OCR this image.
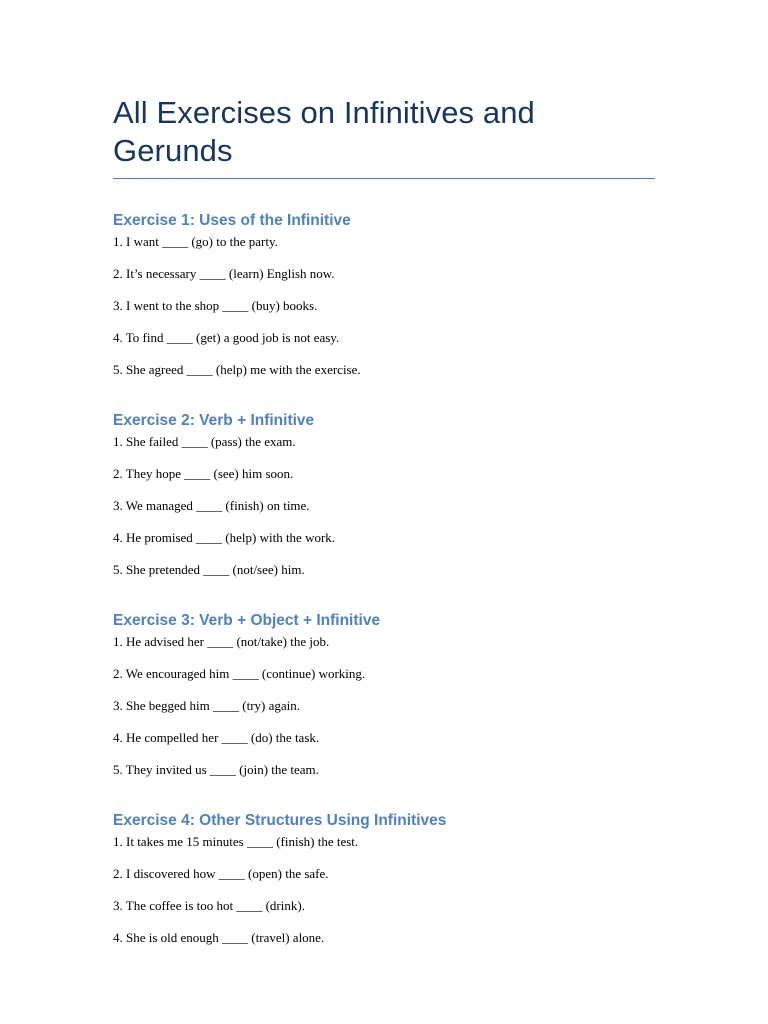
All Exercises on Infinitives and Gerunds
Exercise 1: Uses of the Infinitive

1. I want ____ (go) to the party.

2. It’s necessary ____ (learn) English now.

3. I went to the shop ____ (buy) books.

4. To find ____ (get) a good job is not easy.

5. She agreed ____ (help) me with the exercise.

Exercise 2: Verb + Infinitive

1. She failed ____ (pass) the exam.

2. They hope ____ (see) him soon.

3. We managed ____ (finish) on time.

4. He promised ____ (help) with the work.

5. She pretended ____ (not/see) him.

Exercise 3: Verb + Object + Infinitive

1. He advised her ____ (not/take) the job.

2. We encouraged him ____ (continue) working.

3. She begged him ____ (try) again.

4. He compelled her ____ (do) the task.

5. They invited us ____ (join) the team.

Exercise 4: Other Structures Using Infinitives

1. It takes me 15 minutes ____ (finish) the test.

2. I discovered how ____ (open) the safe.

3. The coffee is too hot ____ (drink).

4. She is old enough ____ (travel) alone.
